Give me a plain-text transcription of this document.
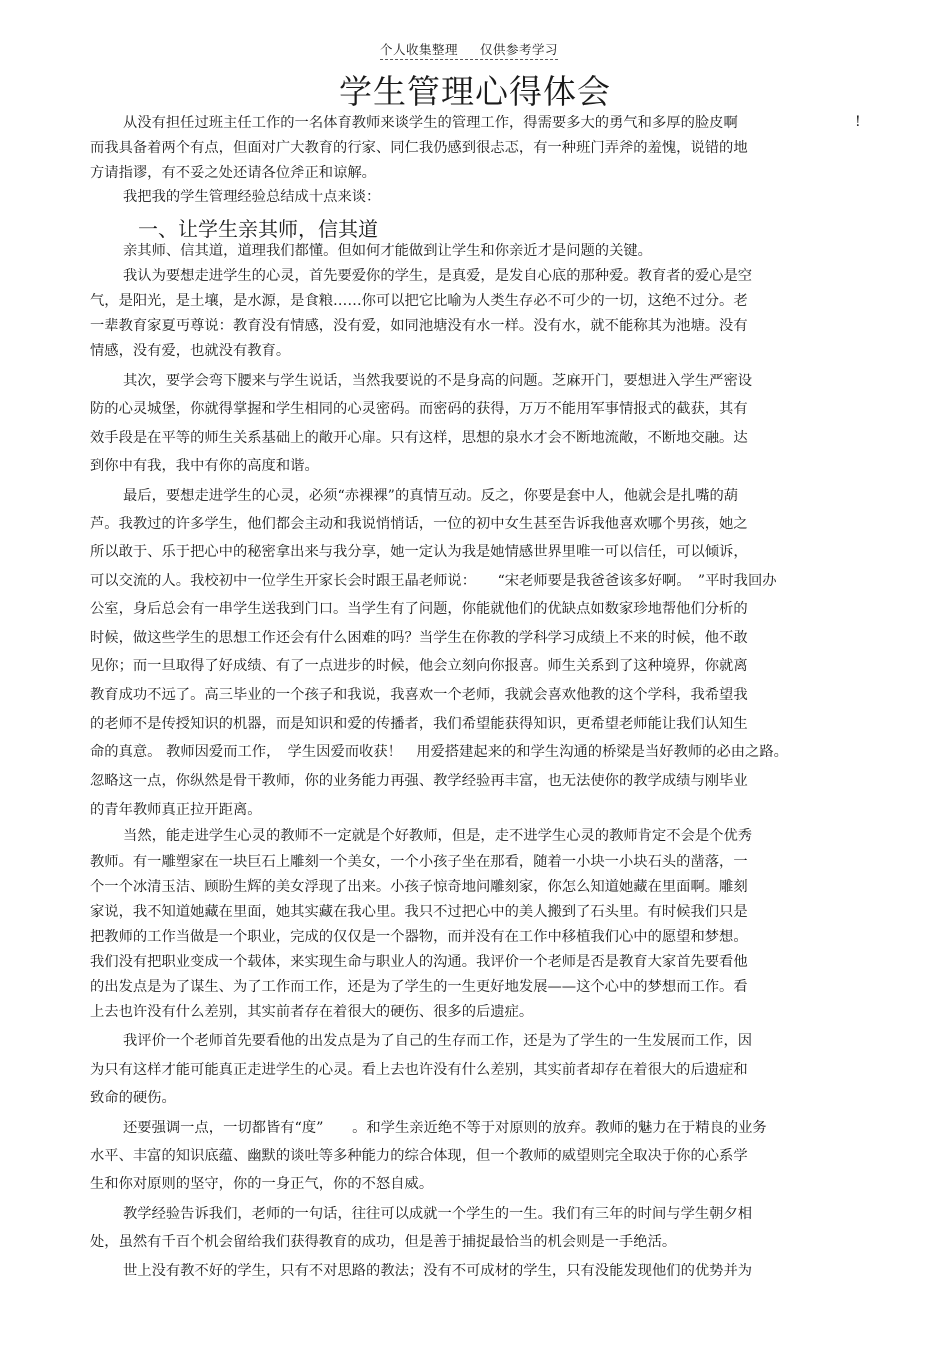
个人收集整理 仅供参考学习
学生管理心得体会
!
一、让学生亲其师，信其道
从没有担任过班主任工作的一名体育教师来谈学生的管理工作，得需要多大的勇气和多厚的脸皮啊
而我具备着两个有点，但面对广大教育的行家、同仁我仍感到很忐忑，有一种班门弄斧的羞愧，说错的地
方请指谬，有不妥之处还请各位斧正和谅解。
我把我的学生管理经验总结成十点来谈：
亲其师、信其道，道理我们都懂。但如何才能做到让学生和你亲近才是问题的关键。
我认为要想走进学生的心灵，首先要爱你的学生，是真爱，是发自心底的那种爱。教育者的爱心是空
气，是阳光，是土壤，是水源，是食粮……你可以把它比喻为人类生存必不可少的一切，这绝不过分。老
一辈教育家夏丏尊说：教育没有情感，没有爱，如同池塘没有水一样。没有水，就不能称其为池塘。没有
情感，没有爱，也就没有教育。
其次，要学会弯下腰来与学生说话，当然我要说的不是身高的问题。芝麻开门，要想进入学生严密设
防的心灵城堡，你就得掌握和学生相同的心灵密码。而密码的获得，万万不能用军事情报式的截获，其有
效手段是在平等的师生关系基础上的敞开心扉。只有这样，思想的泉水才会不断地流敞，不断地交融。达
到你中有我，我中有你的高度和谐。
最后，要想走进学生的心灵，必须“赤裸裸”的真情互动。反之，你要是套中人，他就会是扎嘴的葫
芦。我教过的许多学生，他们都会主动和我说悄悄话，一位的初中女生甚至告诉我他喜欢哪个男孩，她之
所以敢于、乐于把心中的秘密拿出来与我分享，她一定认为我是她情感世界里唯一可以信任，可以倾诉，
可以交流的人。我校初中一位学生开家长会时跟王晶老师说：　　“宋老师要是我爸爸该多好啊。　”平时我回办
公室，身后总会有一串学生送我到门口。当学生有了问题，你能就他们的优缺点如数家珍地帮他们分析的
时候，做这些学生的思想工作还会有什么困难的吗？当学生在你教的学科学习成绩上不来的时候，他不敢
见你；而一旦取得了好成绩、有了一点进步的时候，他会立刻向你报喜。师生关系到了这种境界，你就离
教育成功不远了。高三毕业的一个孩子和我说，我喜欢一个老师，我就会喜欢他教的这个学科，我希望我
的老师不是传授知识的机器，而是知识和爱的传播者，我们希望能获得知识，更希望老师能让我们认知生
命的真意。 教师因爱而工作，　学生因爱而收获！　用爱搭建起来的和学生沟通的桥梁是当好教师的必由之路。
忽略这一点，你纵然是骨干教师，你的业务能力再强、教学经验再丰富，也无法使你的教学成绩与刚毕业
的青年教师真正拉开距离。
当然，能走进学生心灵的教师不一定就是个好教师，但是，走不进学生心灵的教师肯定不会是个优秀
教师。有一雕塑家在一块巨石上雕刻一个美女，一个小孩子坐在那看，随着一小块一小块石头的凿落，一
个一个冰清玉洁、顾盼生辉的美女浮现了出来。小孩子惊奇地问雕刻家，你怎么知道她藏在里面啊。雕刻
家说，我不知道她藏在里面，她其实藏在我心里。我只不过把心中的美人搬到了石头里。有时候我们只是
把教师的工作当做是一个职业，完成的仅仅是一个器物，而并没有在工作中移植我们心中的愿望和梦想。
我们没有把职业变成一个载体，来实现生命与职业人的沟通。我评价一个老师是否是教育大家首先要看他
的出发点是为了谋生、为了工作而工作，还是为了学生的一生更好地发展——这个心中的梦想而工作。看
上去也许没有什么差别，其实前者存在着很大的硬伤、很多的后遗症。
我评价一个老师首先要看他的出发点是为了自己的生存而工作，还是为了学生的一生发展而工作，因
为只有这样才能可能真正走进学生的心灵。看上去也许没有什么差别，其实前者却存在着很大的后遗症和
致命的硬伤。
还要强调一点，一切都皆有“度”　　。和学生亲近绝不等于对原则的放弃。教师的魅力在于精良的业务
水平、丰富的知识底蕴、幽默的谈吐等多种能力的综合体现，但一个教师的威望则完全取决于你的心系学
生和你对原则的坚守，你的一身正气，你的不怒自威。
教学经验告诉我们，老师的一句话，往往可以成就一个学生的一生。我们有三年的时间与学生朝夕相
处，虽然有千百个机会留给我们获得教育的成功，但是善于捕捉最恰当的机会则是一手绝活。
世上没有教不好的学生，只有不对思路的教法；没有不可成材的学生，只有没能发现他们的优势并为
